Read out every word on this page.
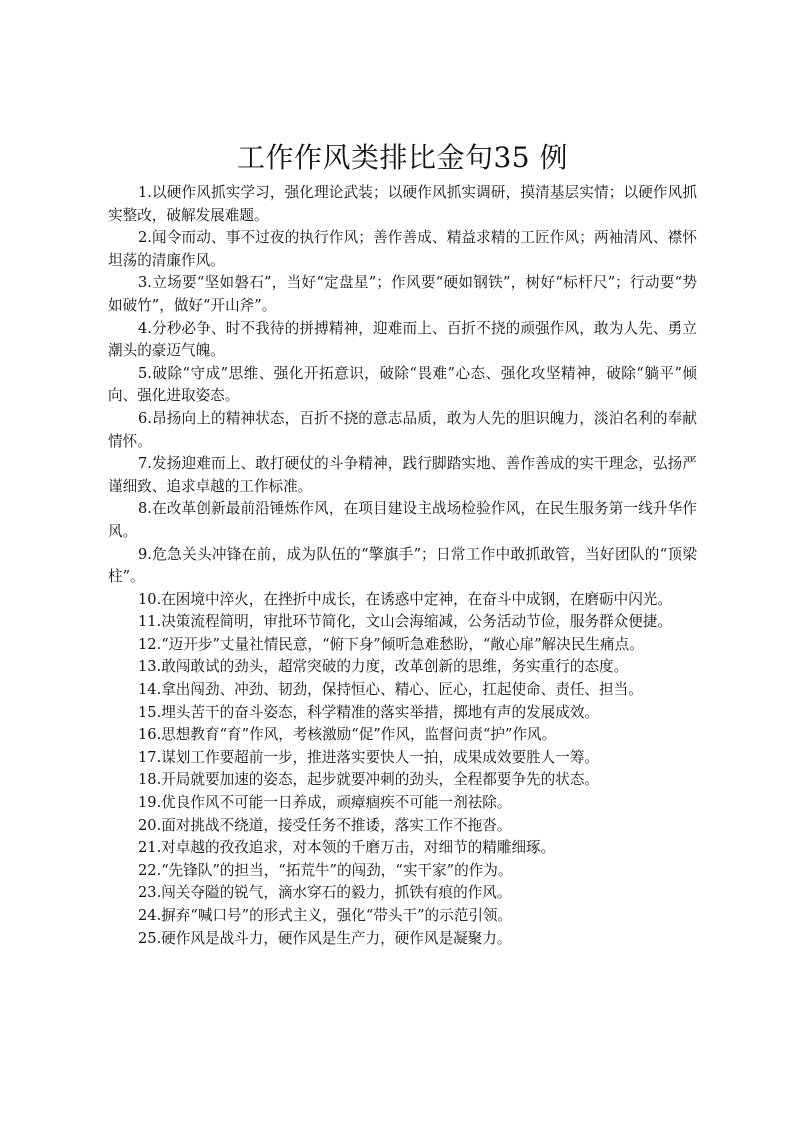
工作作风类排比金句35 例

1.以硬作风抓实学习，强化理论武装；以硬作风抓实调研，摸清基层实情；以硬作风抓实整改，破解发展难题。

2.闻令而动、事不过夜的执行作风；善作善成、精益求精的工匠作风；两袖清风、襟怀坦荡的清廉作风。

3.立场要“坚如磐石”，当好“定盘星”；作风要“硬如钢铁”，树好“标杆尺”；行动要“势如破竹”，做好“开山斧”。

4.分秒必争、时不我待的拼搏精神，迎难而上、百折不挠的顽强作风，敢为人先、勇立潮头的豪迈气魄。

5.破除“守成”思维、强化开拓意识，破除“畏难”心态、强化攻坚精神，破除“躺平”倾向、强化进取姿态。

6.昂扬向上的精神状态，百折不挠的意志品质，敢为人先的胆识魄力，淡泊名利的奉献情怀。

7.发扬迎难而上、敢打硬仗的斗争精神，践行脚踏实地、善作善成的实干理念，弘扬严谨细致、追求卓越的工作标准。

8.在改革创新最前沿锤炼作风，在项目建设主战场检验作风，在民生服务第一线升华作风。

9.危急关头冲锋在前，成为队伍的“擎旗手”；日常工作中敢抓敢管，当好团队的“顶梁柱”。

10.在困境中淬火，在挫折中成长，在诱惑中定神，在奋斗中成钢，在磨砺中闪光。

11.决策流程简明，审批环节简化，文山会海缩减，公务活动节俭，服务群众便捷。

12.“迈开步”丈量社情民意，“俯下身”倾听急难愁盼，“敞心扉”解决民生痛点。

13.敢闯敢试的劲头，超常突破的力度，改革创新的思维，务实重行的态度。

14.拿出闯劲、冲劲、韧劲，保持恒心、精心、匠心，扛起使命、责任、担当。

15.埋头苦干的奋斗姿态，科学精准的落实举措，掷地有声的发展成效。

16.思想教育“育”作风，考核激励“促”作风，监督问责“护”作风。

17.谋划工作要超前一步，推进落实要快人一拍，成果成效要胜人一筹。

18.开局就要加速的姿态，起步就要冲刺的劲头，全程都要争先的状态。

19.优良作风不可能一日养成，顽瘴痼疾不可能一剂祛除。

20.面对挑战不绕道，接受任务不推诿，落实工作不拖沓。

21.对卓越的孜孜追求，对本领的千磨万击，对细节的精雕细琢。

22.“先锋队”的担当，“拓荒牛”的闯劲，“实干家”的作为。

23.闯关夺隘的锐气，滴水穿石的毅力，抓铁有痕的作风。

24.摒弃“喊口号”的形式主义，强化“带头干”的示范引领。

25.硬作风是战斗力，硬作风是生产力，硬作风是凝聚力。
